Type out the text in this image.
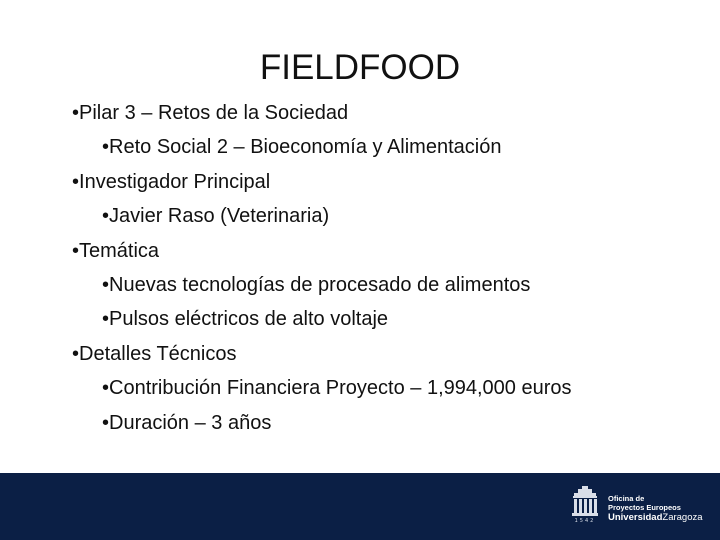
FIELDFOOD
•Pilar 3 – Retos de la Sociedad
•Reto Social 2 – Bioeconomía y Alimentación
•Investigador Principal
•Javier Raso (Veterinaria)
•Temática
•Nuevas tecnologías de procesado de alimentos
•Pulsos eléctricos de alto voltaje
•Detalles Técnicos
•Contribución Financiera Proyecto – 1,994,000 euros
•Duración – 3 años
1542
Oficina de
Proyectos Europeos
UniversidadZaragoza
